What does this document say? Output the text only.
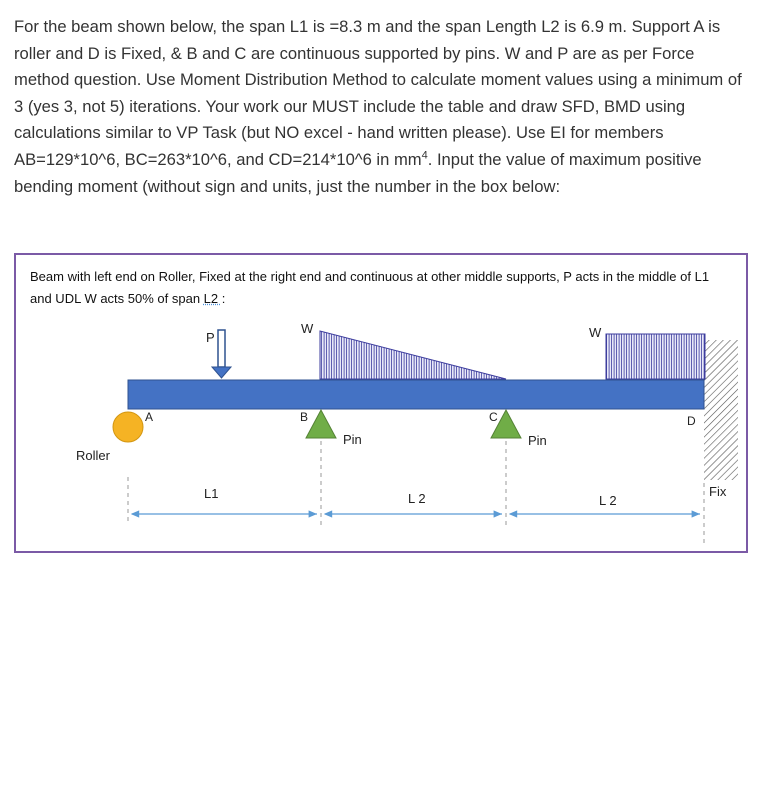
For the beam shown below, the span L1 is =8.3 m and the span Length L2 is 6.9 m. Support A is roller and D is Fixed, & B and C are continuous supported by pins. W and P are as per Force method question. Use Moment Distribution Method to calculate moment values using a minimum of 3 (yes 3, not 5) iterations. Your work our MUST include the table and draw SFD, BMD using calculations similar to VP Task (but NO excel - hand written please). Use EI for members AB=129*10^6, BC=263*10^6, and CD=214*10^6 in $mm^4$. Input the value of maximum positive bending moment (without sign and units, just the number in the box below:
Beam with left end on Roller, Fixed at the right end and continuous at other middle supports, P acts in the middle of L1 and UDL W acts 50% of span L2 :
W	W
P
A
Roller
B
Pin
C
Pin
D
Fix
L1	L 2	L 2
